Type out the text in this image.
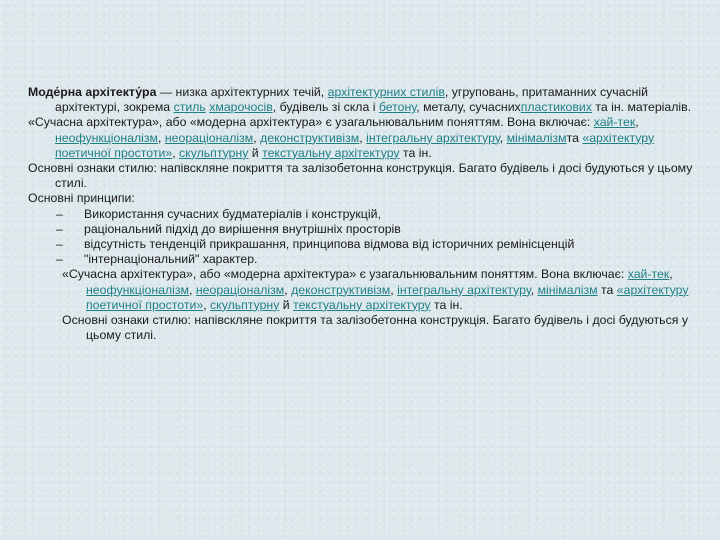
Моде́рна архітекту́ра — низка архітектурних течій, архітектурних стилів, угруповань, притаманних сучасній архітектурі, зокрема стиль хмарочосів, будівель зі скла і бетону, металу, сучаснихпластикових та ін. матеріалів.

«Сучасна архітектура», або «модерна архітектура» є узагальнювальним поняттям. Вона включає: хай-тек, неофункціоналізм, неораціоналізм, деконструктивізм, інтегральну архітектуру, мінімалізмта «архітектуру поетичної простоти», скульптурну й текстуальну архітектуру та ін.

Основні ознаки стилю: напівскляне покриття та залізобетонна конструкція. Багато будівель і досі будуються у цьому стилі.

Основні принципи:

– Використання сучасних будматеріалів і конструкцій,

– раціональний підхід до вирішення внутрішніх просторів

– відсутність тенденцій прикрашання, принципова відмова від історичних ремінісценцій

– "інтернаціональний" характер.

«Сучасна архітектура», або «модерна архітектура» є узагальнювальним поняттям. Вона включає: хай-тек, неофункціоналізм, неораціоналізм, деконструктивізм, інтегральну архітектуру, мінімалізм та «архітектуру поетичної простоти», скульптурну й текстуальну архітектуру та ін.

Основні ознаки стилю: напівскляне покриття та залізобетонна конструкція. Багато будівель і досі будуються у цьому стилі.
